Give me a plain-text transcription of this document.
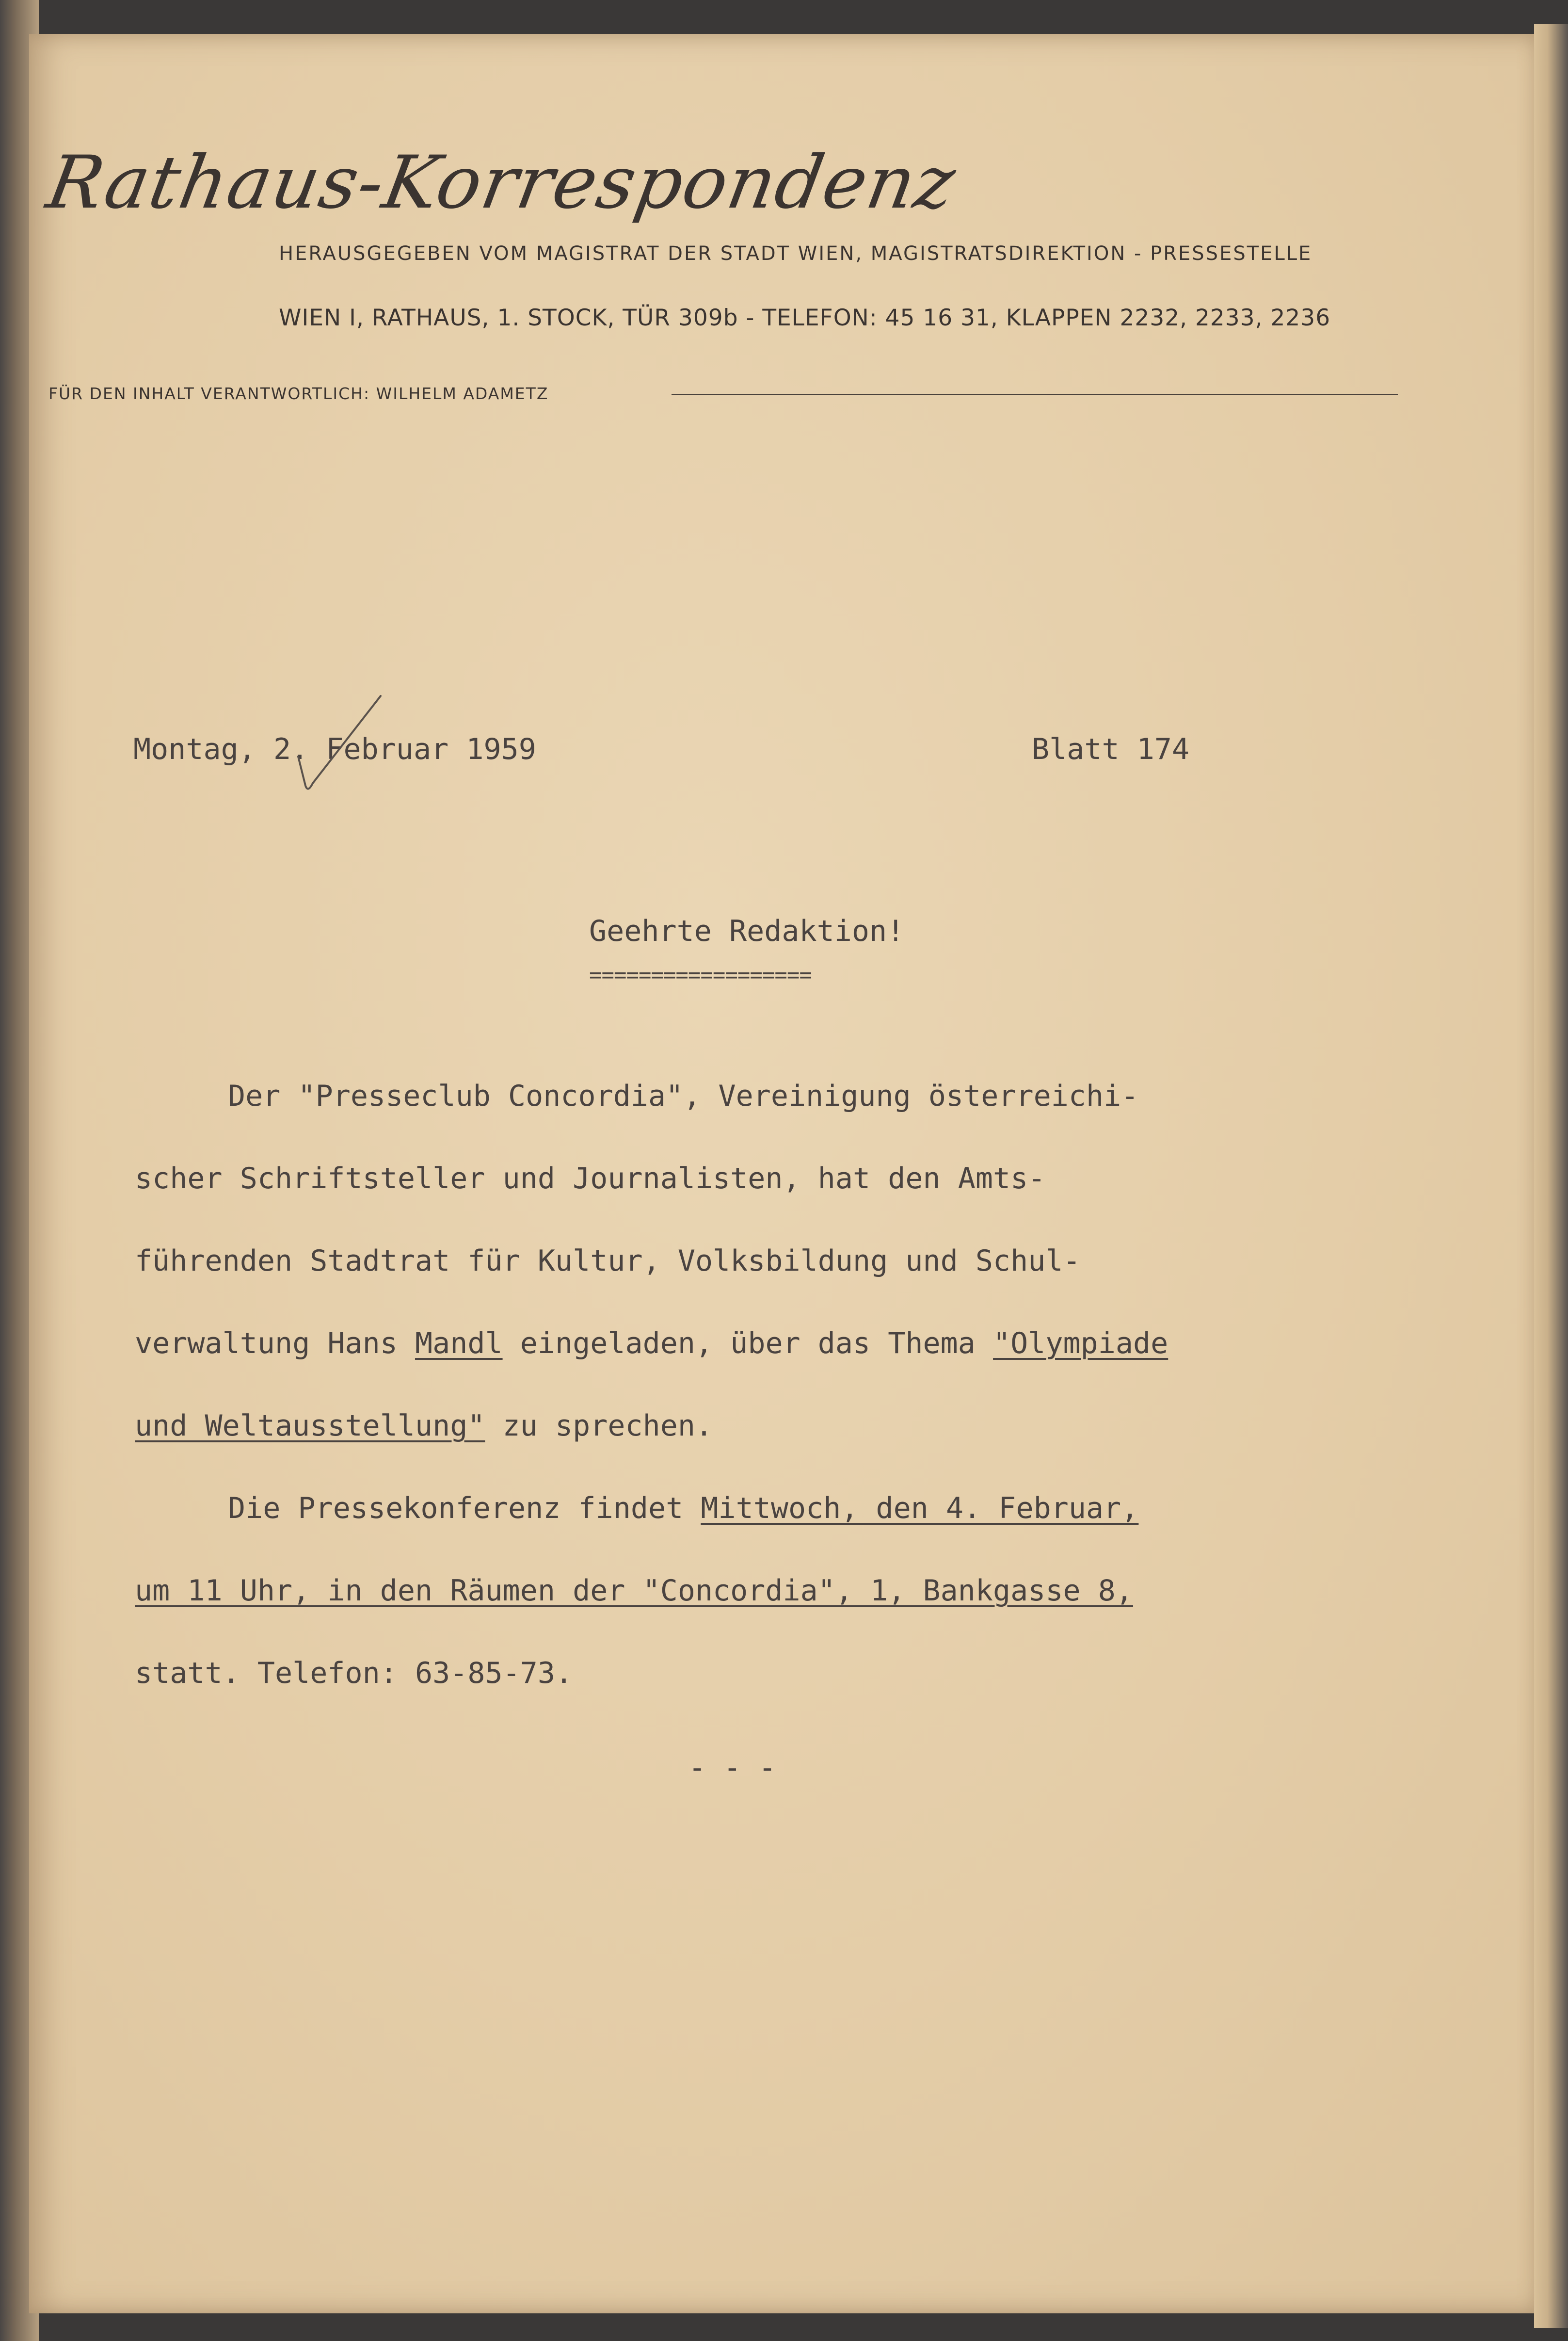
Rathaus-Korrespondenz
HERAUSGEGEBEN VOM MAGISTRAT DER STADT WIEN, MAGISTRATSDIREKTION - PRESSESTELLE
WIEN I, RATHAUS, 1. STOCK, TÜR 309b - TELEFON: 45 16 31, KLAPPEN 2232, 2233, 2236
FÜR DEN INHALT VERANTWORTLICH: WILHELM ADAMETZ
Montag, 2. Februar 1959	Blatt 174
Geehrte Redaktion!
==================
Der "Presseclub Concordia", Vereinigung österreichi-
scher Schriftsteller und Journalisten, hat den Amts-
führenden Stadtrat für Kultur, Volksbildung und Schul-
verwaltung Hans Mandl eingeladen, über das Thema "Olympiade
und Weltausstellung" zu sprechen.
Die Pressekonferenz findet Mittwoch, den 4. Februar,
um 11 Uhr, in den Räumen der "Concordia", 1, Bankgasse 8,
statt. Telefon: 63-85-73.
- - -
